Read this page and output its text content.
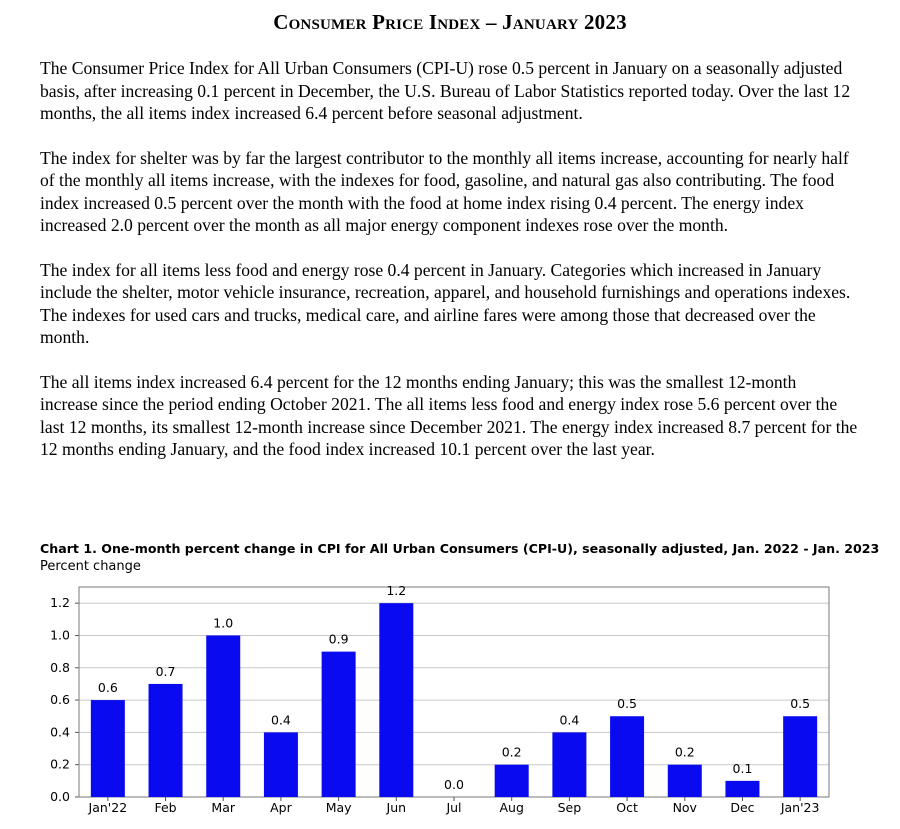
Consumer Price Index – January 2023

The Consumer Price Index for All Urban Consumers (CPI-U) rose 0.5 percent in January on a seasonally adjusted basis, after increasing 0.1 percent in December, the U.S. Bureau of Labor Statistics reported today. Over the last 12 months, the all items index increased 6.4 percent before seasonal adjustment.

The index for shelter was by far the largest contributor to the monthly all items increase, accounting for nearly half of the monthly all items increase, with the indexes for food, gasoline, and natural gas also contributing. The food index increased 0.5 percent over the month with the food at home index rising 0.4 percent. The energy index increased 2.0 percent over the month as all major energy component indexes rose over the month.

The index for all items less food and energy rose 0.4 percent in January. Categories which increased in January include the shelter, motor vehicle insurance, recreation, apparel, and household furnishings and operations indexes. The indexes for used cars and trucks, medical care, and airline fares were among those that decreased over the month.

The all items index increased 6.4 percent for the 12 months ending January; this was the smallest 12-month increase since the period ending October 2021. The all items less food and energy index rose 5.6 percent over the last 12 months, its smallest 12-month increase since December 2021. The energy index increased 8.7 percent for the 12 months ending January, and the food index increased 10.1 percent over the last year.

Chart 1. One-month percent change in CPI for All Urban Consumers (CPI-U), seasonally adjusted, Jan. 2022 - Jan. 2023
Percent change
0.0
0.2
0.4
0.6
0.8
1.0
1.2
0.6
Jan'22
0.7
Feb
1.0
Mar
0.4
Apr
0.9
May
1.2
Jun
0.0
Jul
0.2
Aug
0.4
Sep
0.5
Oct
0.2
Nov
0.1
Dec
0.5
Jan'23
